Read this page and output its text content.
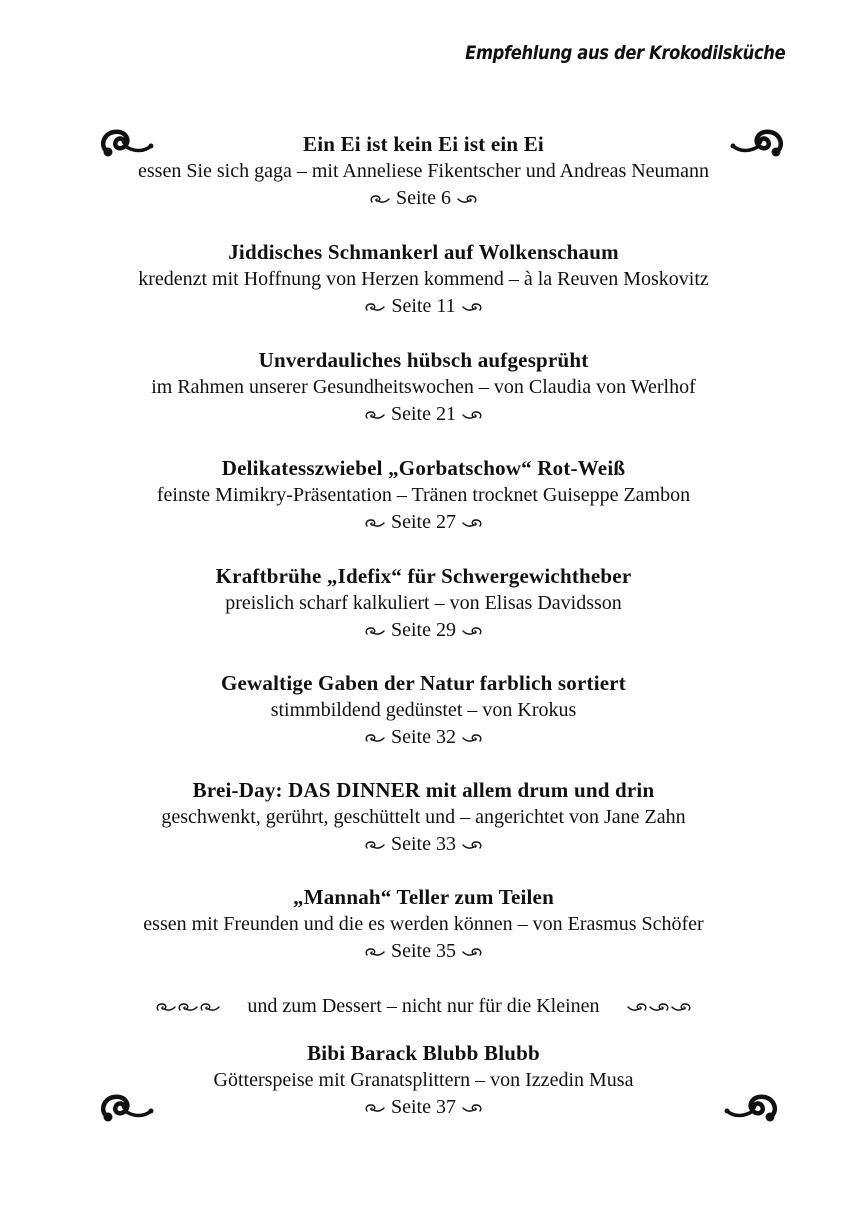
Empfehlung aus der Krokodilsküche
Ein Ei ist kein Ei ist ein Ei
essen Sie sich gaga – mit Anneliese Fikentscher und Andreas Neumann
Seite 6
Jiddisches Schmankerl auf Wolkenschaum
kredenzt mit Hoffnung von Herzen kommend – à la Reuven Moskovitz
Seite 11
Unverdauliches hübsch aufgesprüht
im Rahmen unserer Gesundheitswochen – von Claudia von Werlhof
Seite 21
Delikatesszwiebel „Gorbatschow“ Rot-Weiß
feinste Mimikry-Präsentation – Tränen trocknet Guiseppe Zambon
Seite 27
Kraftbrühe „Idefix“ für Schwergewichtheber
preislich scharf kalkuliert – von Elisas Davidsson
Seite 29
Gewaltige Gaben der Natur farblich sortiert
stimmbildend gedünstet – von Krokus
Seite 32
Brei-Day: DAS DINNER mit allem drum und drin
geschwenkt, gerührt, geschüttelt und – angerichtet von Jane Zahn
Seite 33
„Mannah“ Teller zum Teilen
essen mit Freunden und die es werden können – von Erasmus Schöfer
Seite 35
und zum Dessert – nicht nur für die Kleinen
Bibi Barack Blubb Blubb
Götterspeise mit Granatsplittern – von Izzedin Musa
Seite 37
